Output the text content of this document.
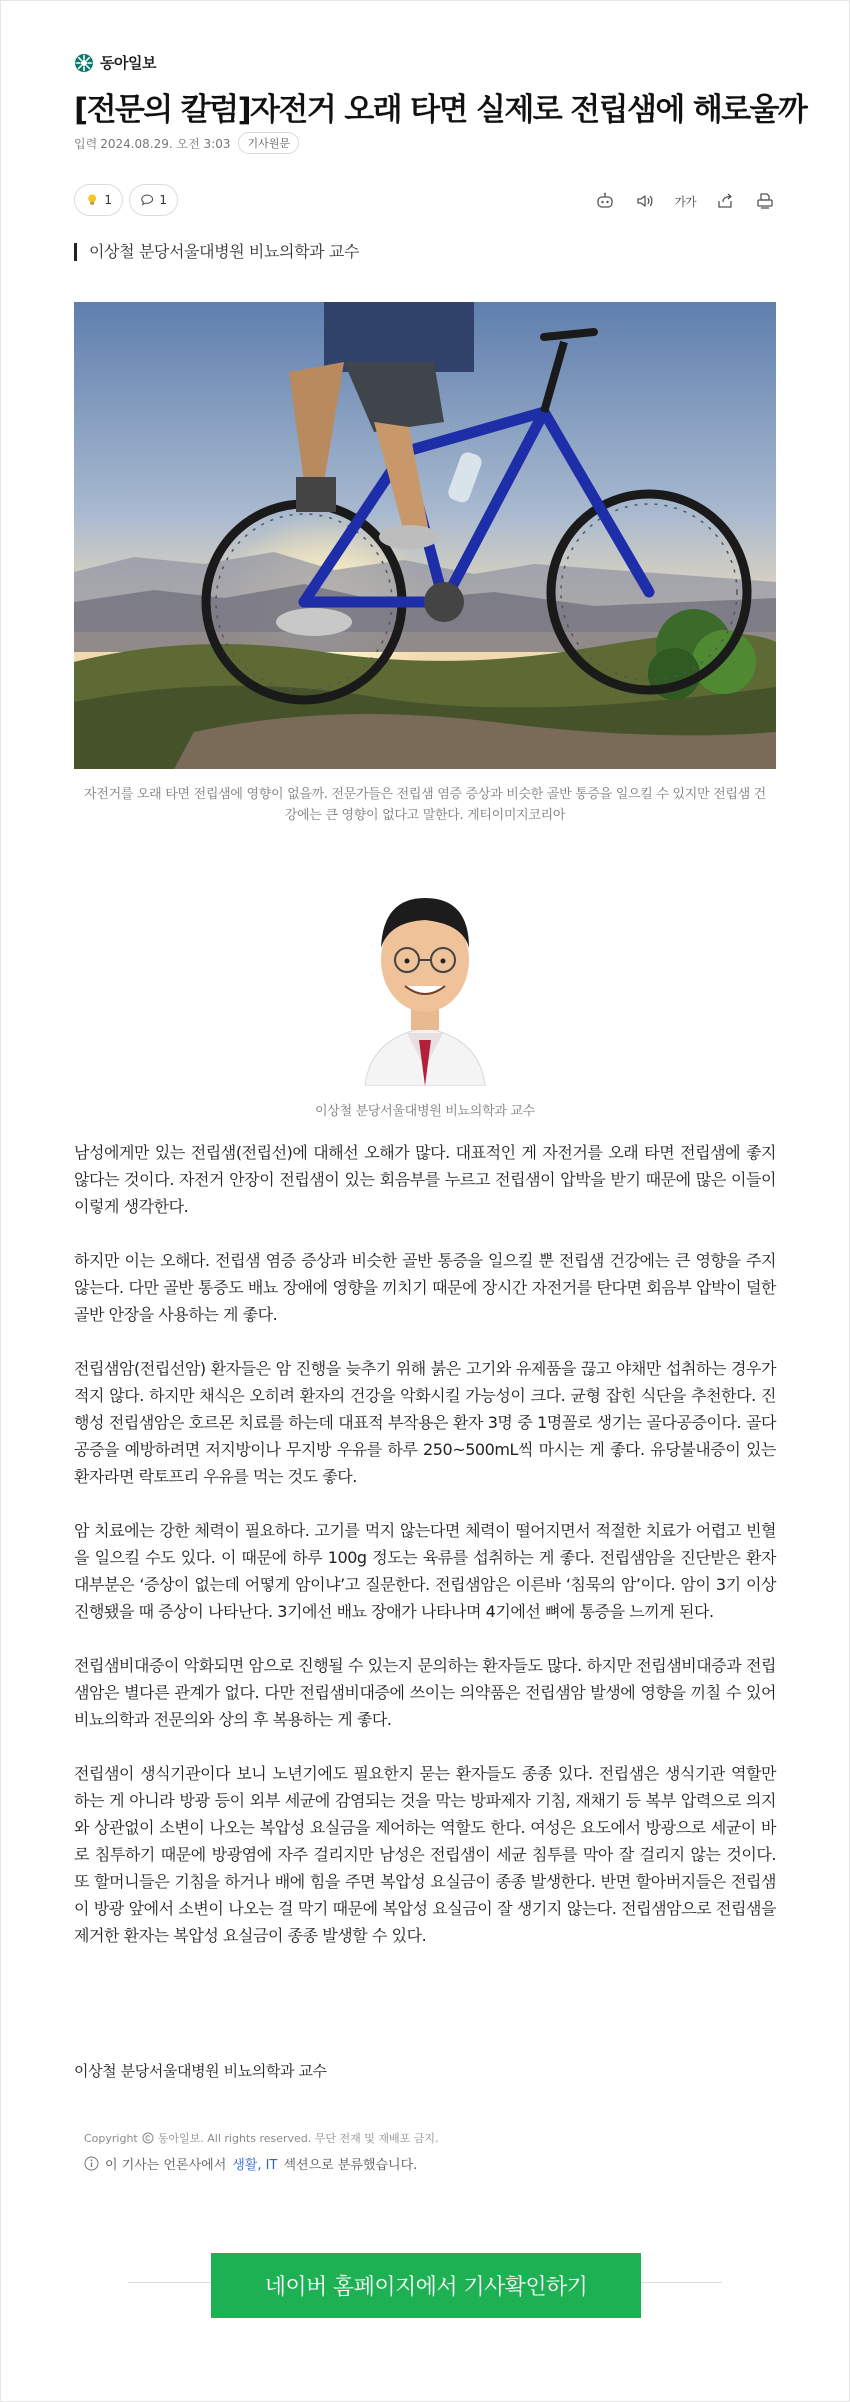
동아일보
[전문의 칼럼]자전거 오래 타면 실제로 전립샘에 해로울까
입력 2024.08.29. 오전 3:03	기사원문
1	1	가가
이상철 분당서울대병원 비뇨의학과 교수
자전거를 오래 타면 전립샘에 영향이 없을까. 전문가들은 전립샘 염증 증상과 비슷한 골반 통증을 일으킬 수 있지만 전립샘 건강에는 큰 영향이 없다고 말한다. 게티이미지코리아
이상철 분당서울대병원 비뇨의학과 교수

남성에게만 있는 전립샘(전립선)에 대해선 오해가 많다. 대표적인 게 자전거를 오래 타면 전립샘에 좋지 않다는 것이다. 자전거 안장이 전립샘이 있는 회음부를 누르고 전립샘이 압박을 받기 때문에 많은 이들이 이렇게 생각한다.

하지만 이는 오해다. 전립샘 염증 증상과 비슷한 골반 통증을 일으킬 뿐 전립샘 건강에는 큰 영향을 주지 않는다. 다만 골반 통증도 배뇨 장애에 영향을 끼치기 때문에 장시간 자전거를 탄다면 회음부 압박이 덜한 골반 안장을 사용하는 게 좋다.

전립샘암(전립선암) 환자들은 암 진행을 늦추기 위해 붉은 고기와 유제품을 끊고 야채만 섭취하는 경우가 적지 않다. 하지만 채식은 오히려 환자의 건강을 악화시킬 가능성이 크다. 균형 잡힌 식단을 추천한다. 진행성 전립샘암은 호르몬 치료를 하는데 대표적 부작용은 환자 3명 중 1명꼴로 생기는 골다공증이다. 골다공증을 예방하려면 저지방이나 무지방 우유를 하루 250~500mL씩 마시는 게 좋다. 유당불내증이 있는 환자라면 락토프리 우유를 먹는 것도 좋다.

암 치료에는 강한 체력이 필요하다. 고기를 먹지 않는다면 체력이 떨어지면서 적절한 치료가 어렵고 빈혈을 일으킬 수도 있다. 이 때문에 하루 100g 정도는 육류를 섭취하는 게 좋다. 전립샘암을 진단받은 환자 대부분은 ‘증상이 없는데 어떻게 암이냐’고 질문한다. 전립샘암은 이른바 ‘침묵의 암’이다. 암이 3기 이상 진행됐을 때 증상이 나타난다. 3기에선 배뇨 장애가 나타나며 4기에선 뼈에 통증을 느끼게 된다.

전립샘비대증이 악화되면 암으로 진행될 수 있는지 문의하는 환자들도 많다. 하지만 전립샘비대증과 전립샘암은 별다른 관계가 없다. 다만 전립샘비대증에 쓰이는 의약품은 전립샘암 발생에 영향을 끼칠 수 있어 비뇨의학과 전문의와 상의 후 복용하는 게 좋다.

전립샘이 생식기관이다 보니 노년기에도 필요한지 묻는 환자들도 종종 있다. 전립샘은 생식기관 역할만 하는 게 아니라 방광 등이 외부 세균에 감염되는 것을 막는 방파제자 기침, 재채기 등 복부 압력으로 의지와 상관없이 소변이 나오는 복압성 요실금을 제어하는 역할도 한다. 여성은 요도에서 방광으로 세균이 바로 침투하기 때문에 방광염에 자주 걸리지만 남성은 전립샘이 세균 침투를 막아 잘 걸리지 않는 것이다. 또 할머니들은 기침을 하거나 배에 힘을 주면 복압성 요실금이 종종 발생한다. 반면 할아버지들은 전립샘이 방광 앞에서 소변이 나오는 걸 막기 때문에 복압성 요실금이 잘 생기지 않는다. 전립샘암으로 전립샘을 제거한 환자는 복압성 요실금이 종종 발생할 수 있다.

이상철 분당서울대병원 비뇨의학과 교수
Copyright 동아일보. All rights reserved. 무단 전재 및 재배포 금지.
이 기사는 언론사에서 생활, IT 섹션으로 분류했습니다.
네이버 홈페이지에서 기사확인하기
